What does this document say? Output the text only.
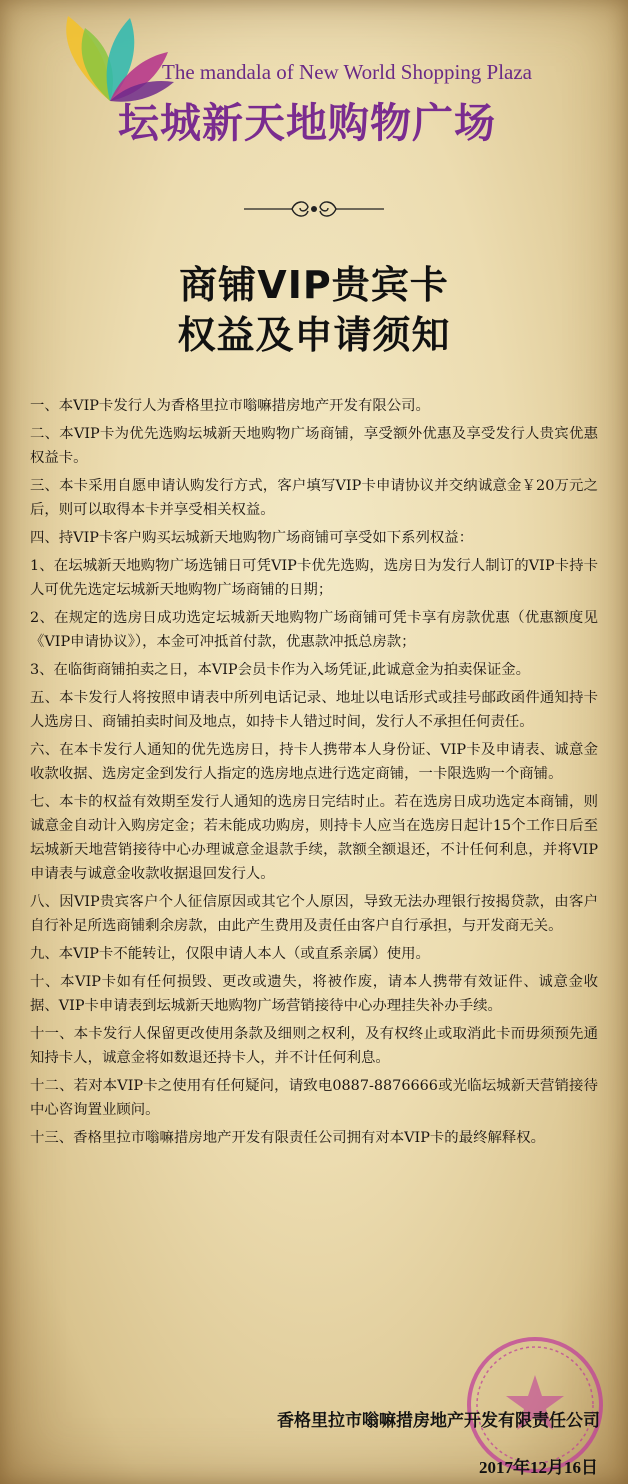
The mandala of New World Shopping Plaza
坛城新天地购物广场
商铺VIP贵宾卡
权益及申请须知

一、本VIP卡发行人为香格里拉市嗡嘛措房地产开发有限公司。

二、本VIP卡为优先选购坛城新天地购物广场商铺，享受额外优惠及享受发行人贵宾优惠权益卡。

三、本卡采用自愿申请认购发行方式，客户填写VIP卡申请协议并交纳诚意金￥20万元之后，则可以取得本卡并享受相关权益。

四、持VIP卡客户购买坛城新天地购物广场商铺可享受如下系列权益：

1、在坛城新天地购物广场选铺日可凭VIP卡优先选购，选房日为发行人制订的VIP卡持卡人可优先选定坛城新天地购物广场商铺的日期；

2、在规定的选房日成功选定坛城新天地购物广场商铺可凭卡享有房款优惠（优惠额度见《VIP申请协议》），本金可冲抵首付款，优惠款冲抵总房款；

3、在临街商铺拍卖之日，本VIP会员卡作为入场凭证,此诚意金为拍卖保证金。

五、本卡发行人将按照申请表中所列电话记录、地址以电话形式或挂号邮政函件通知持卡人选房日、商铺拍卖时间及地点，如持卡人错过时间，发行人不承担任何责任。

六、在本卡发行人通知的优先选房日，持卡人携带本人身份证、VIP卡及申请表、诚意金收款收据、选房定金到发行人指定的选房地点进行选定商铺，一卡限选购一个商铺。

七、本卡的权益有效期至发行人通知的选房日完结时止。若在选房日成功选定本商铺，则诚意金自动计入购房定金；若未能成功购房，则持卡人应当在选房日起计15个工作日后至坛城新天地营销接待中心办理诚意金退款手续，款额全额退还，不计任何利息，并将VIP申请表与诚意金收款收据退回发行人。

八、因VIP贵宾客户个人征信原因或其它个人原因，导致无法办理银行按揭贷款，由客户自行补足所选商铺剩余房款，由此产生费用及责任由客户自行承担，与开发商无关。

九、本VIP卡不能转让，仅限申请人本人（或直系亲属）使用。

十、本VIP卡如有任何损毁、更改或遗失，将被作废，请本人携带有效证件、诚意金收据、VIP卡申请表到坛城新天地购物广场营销接待中心办理挂失补办手续。

十一、本卡发行人保留更改使用条款及细则之权利，及有权终止或取消此卡而毋须预先通知持卡人，诚意金将如数退还持卡人，并不计任何利息。

十二、若对本VIP卡之使用有任何疑问，请致电0887-8876666或光临坛城新天营销接待中心咨询置业顾问。

十三、香格里拉市嗡嘛措房地产开发有限责任公司拥有对本VIP卡的最终解释权。

香格里拉市嗡嘛措房地产开发有限责任公司
2017年12月16日
